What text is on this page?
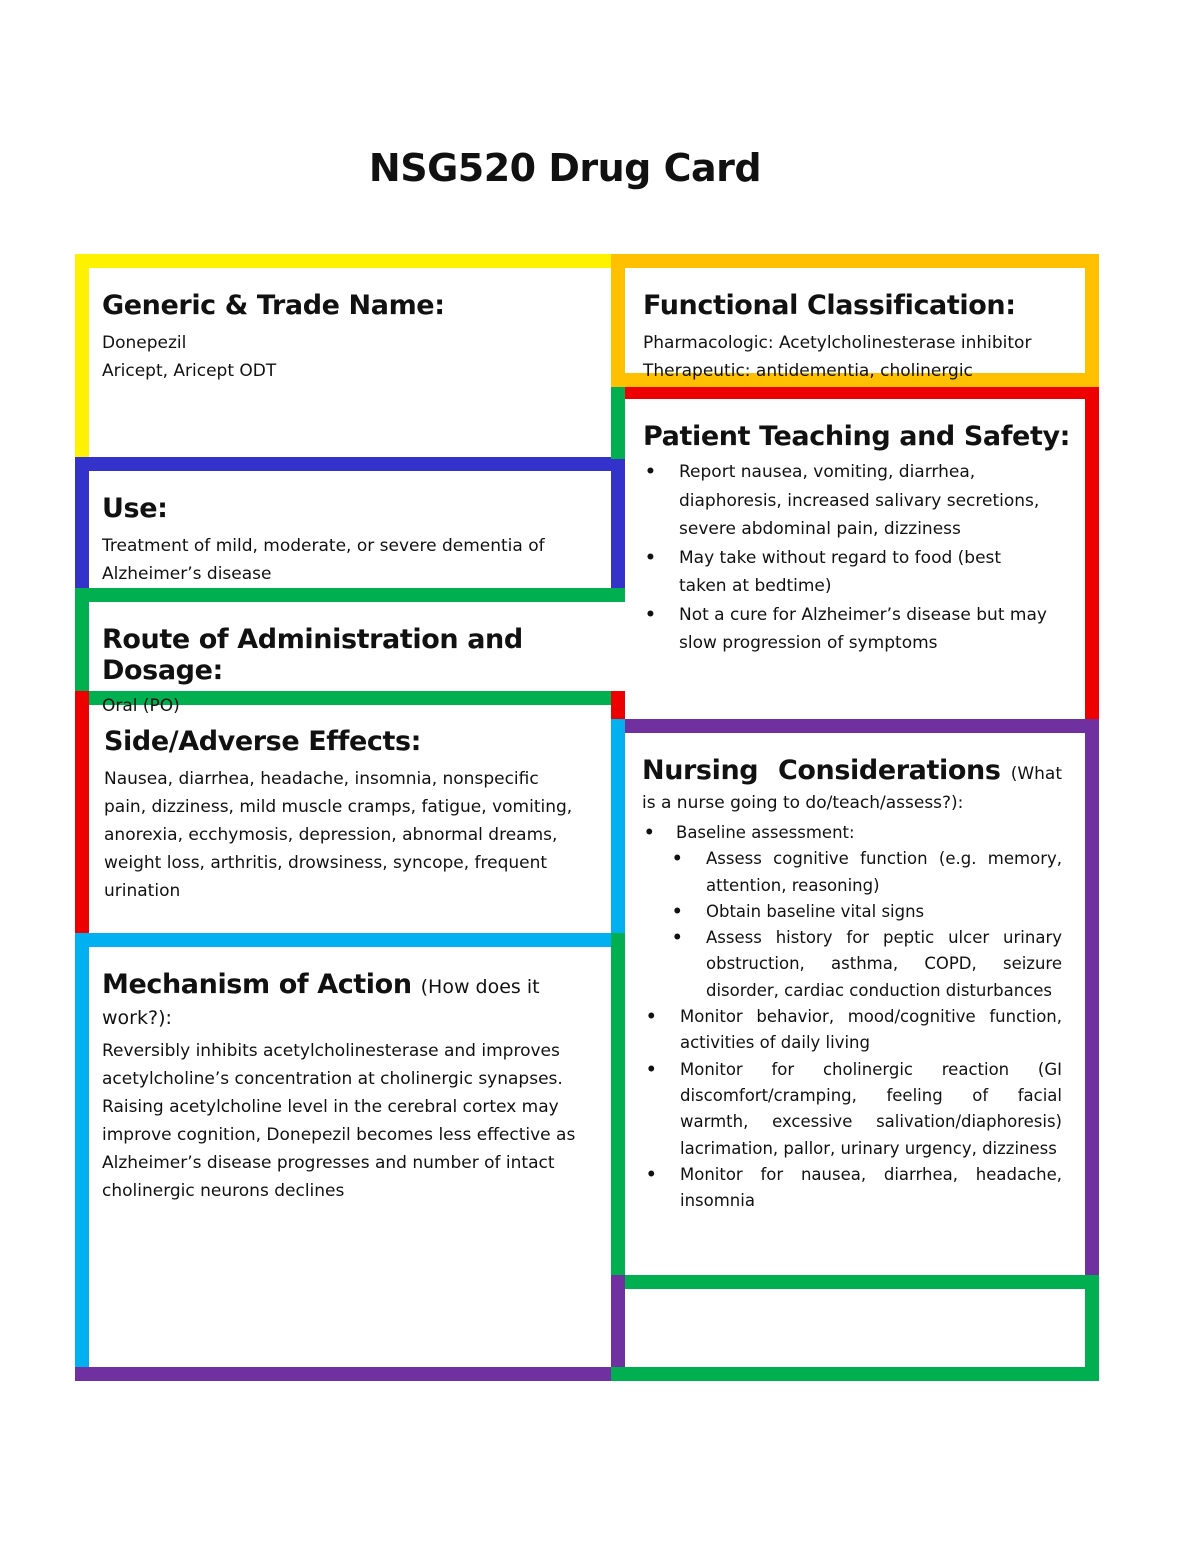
NSG520 Drug Card
Generic & Trade Name:
Donepezil
Aricept, Aricept ODT
Use:
Treatment of mild, moderate, or severe dementia of
Alzheimer’s disease
Route of Administration and Dosage:
Oral (PO)
Side/Adverse Effects:
Nausea, diarrhea, headache, insomnia, nonspecific
pain, dizziness, mild muscle cramps, fatigue, vomiting,
anorexia, ecchymosis, depression, abnormal dreams,
weight loss, arthritis, drowsiness, syncope, frequent
urination
Mechanism of Action (How does it work?):
Reversibly inhibits acetylcholinesterase and improves
acetylcholine’s concentration at cholinergic synapses.
Raising acetylcholine level in the cerebral cortex may
improve cognition, Donepezil becomes less effective as
Alzheimer’s disease progresses and number of intact
cholinergic neurons declines
Functional Classification:
Pharmacologic: Acetylcholinesterase inhibitor
Therapeutic: antidementia, cholinergic
Patient Teaching and Safety:
• Report nausea, vomiting, diarrhea,
diaphoresis, increased salivary secretions,
severe abdominal pain, dizziness
• May take without regard to food (best
taken at bedtime)
• Not a cure for Alzheimer’s disease but may
slow progression of symptoms
Nursing Considerations (What is a nurse going to do/teach/assess?):
• Baseline assessment:
• Assess cognitive function (e.g. memory, attention, reasoning)
• Obtain baseline vital signs
• Assess history for peptic ulcer urinary obstruction, asthma, COPD, seizure disorder, cardiac conduction disturbances
• Monitor behavior, mood/cognitive function, activities of daily living
• Monitor for cholinergic reaction (GI discomfort/cramping, feeling of facial warmth, excessive salivation/diaphoresis) lacrimation, pallor, urinary urgency, dizziness
• Monitor for nausea, diarrhea, headache, insomnia
